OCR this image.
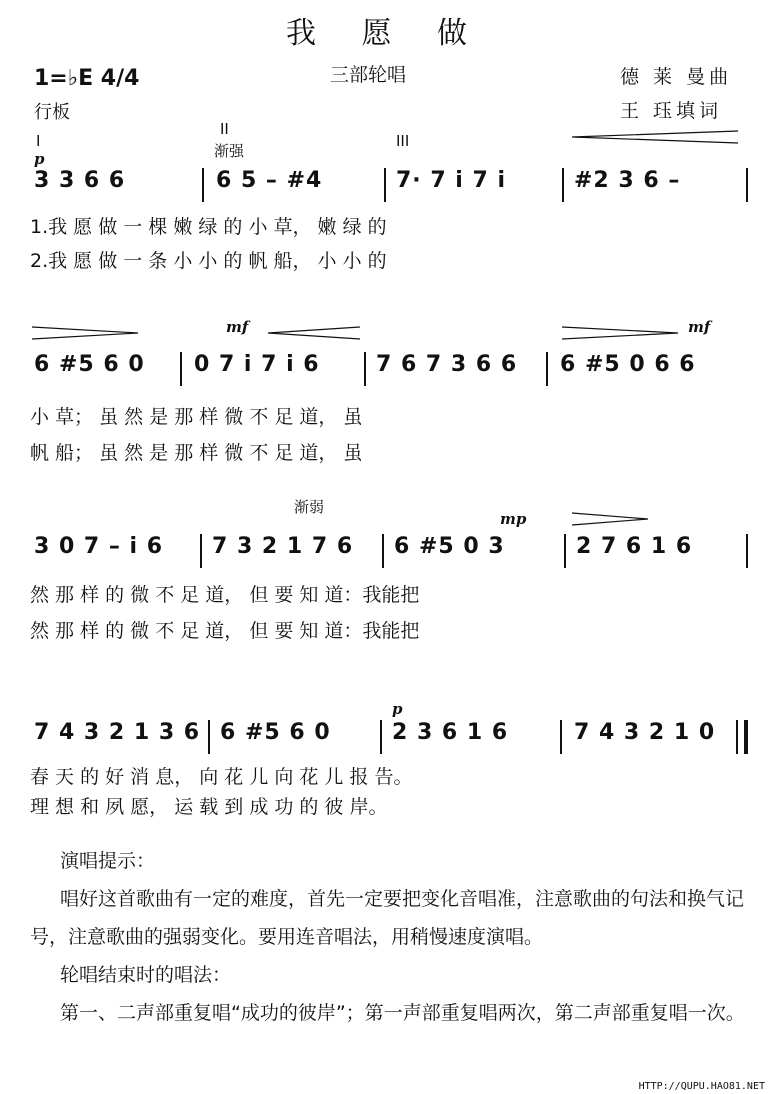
我 愿 做
三部轮唱
1=♭E 4/4
行板
德 莱 曼曲
王 珏填词
I
II
III
p	渐强
3 3 6 6	6 5 – #4	7· 7 i 7 i	#2 3 6 –
1.我 愿 做 一 棵 嫩 绿 的 小 草， 嫩 绿 的
2.我 愿 做 一 条 小 小 的 帆 船， 小 小 的
mf	mf
6 #5 6 0 0 7 i 7 i 6	7 6 7 3 6 6 6 #5 0 6 6
小 草； 虽 然 是 那 样 微 不 足 道， 虽
帆 船； 虽 然 是 那 样 微 不 足 道， 虽
渐弱
mp
3 0 7 – i 6 7 3 2 1 7 6 6 #5 0 3	2 7 6 1 6
然 那 样 的 微 不 足 道， 但 要 知 道：我能把
然 那 样 的 微 不 足 道， 但 要 知 道：我能把
p
7 4 3 2 1 3 6 6 #5 6 0	2 3 6 1 6	7 4 3 2 1 0
春 天 的 好 消 息， 向 花 儿 向 花 儿 报 告。
理 想 和 夙 愿， 运 载 到 成 功 的 彼 岸。

演唱提示：

唱好这首歌曲有一定的难度，首先一定要把变化音唱准，注意歌曲的句法和换气记号，注意歌曲的强弱变化。要用连音唱法，用稍慢速度演唱。

轮唱结束时的唱法：

第一、二声部重复唱“成功的彼岸”；第一声部重复唱两次，第二声部重复唱一次。

HTTP://QUPU.HAO81.NET
